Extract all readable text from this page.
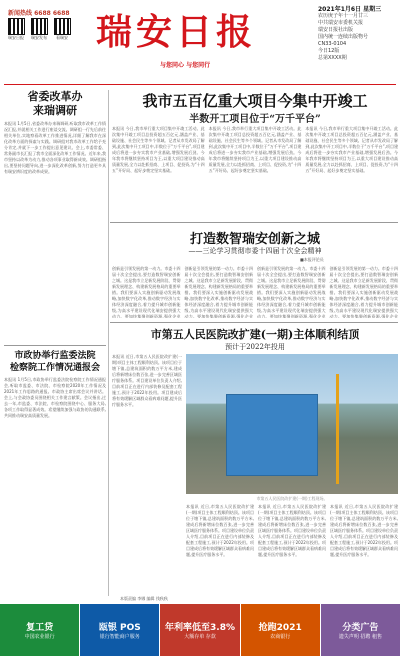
新闻热线 6688 6688
瑞安日报 瑞安发布	看瑞安 瑞安日报
与您同心 与您同行
2021年1月6日 星期三
农历庚子年十一月廿三
中共瑞安市委机关报
瑞安日报社出版
国内统一连续出版物号
CN33-0104
今日12版
总第XXXX期
省委改革办
来瑞调研
本报讯 1月5日,省委改革办来瑞调研,听取我市改革工作情况汇报,并就相关工作进行座谈交流。调研组一行先后前往相关单位,实地察看改革工作推进情况,详细了解我市在深化改革方面的探索与实践。调研组对我市改革工作给予充分肯定,并就下一步工作提出意见建议。会上,市委常委、常务副市长汇报了我市全面深化改革工作情况。近年来,我市坚持以改革为动力,推动各项事业取得新成效。调研组指出,要坚持问题导向,进一步深化改革创新,努力打造更多具有瑞安辨识度的改革成果。
市政协举行监委法院
检察院工作情况通报会
本报讯 1月5日,市政协举行监委法院检察院工作情况通报会,听取市监委、市法院、市检察院2020年工作情况及2021年工作思路的通报。市政协主席出席会议并讲话。会上,与会政协委员围绕相关工作建言献策。会议指出,过去一年,市监委、市法院、市检察院围绕中心、服务大局,各项工作取得显著成效。希望继续加强与政协的沟通联系,共同推动瑞安高质量发展。
我市五百亿重大项目今集中开竣工
半数开工项目位于“万千平台”
本报讯 今日,我市举行重大项目集中开竣工活动。此次集中开竣工项目总投资超五百亿元,涵盖产业、基础设施、社会民生等多个领域。记者从市发改局了解到,此次集中开工项目中,半数位于“万千平台”,项目建成后将进一步夯实我市产业基础,增强发展后劲。今年我市将继续坚持项目为王,以重大项目建设推动高质量发展,全力以赴抓招商、上项目、促投资,为“十四五”开好局、起好步奠定坚实基础。
本报讯 今日,我市举行重大项目集中开竣工活动。此次集中开竣工项目总投资超五百亿元,涵盖产业、基础设施、社会民生等多个领域。记者从市发改局了解到,此次集中开工项目中,半数位于“万千平台”,项目建成后将进一步夯实我市产业基础,增强发展后劲。今年我市将继续坚持项目为王,以重大项目建设推动高质量发展,全力以赴抓招商、上项目、促投资,为“十四五”开好局、起好步奠定坚实基础。
本报讯 今日,我市举行重大项目集中开竣工活动。此次集中开竣工项目总投资超五百亿元,涵盖产业、基础设施、社会民生等多个领域。记者从市发改局了解到,此次集中开工项目中,半数位于“万千平台”,项目建成后将进一步夯实我市产业基础,增强发展后劲。今年我市将继续坚持项目为王,以重大项目建设推动高质量发展,全力以赴抓招商、上项目、促投资,为“十四五”开好局、起好步奠定坚实基础。
打造数智瑞安创新之城
——三论学习贯彻市委十四届十次全会精神
■本报评论员
创新是引领发展的第一动力。市委十四届十次全会提出,要打造数智瑞安创新之城。这是我市立足新发展阶段、贯彻新发展理念、构建新发展格局的重要举措。我们要深入实施创新驱动发展战略,加快数字化改革,推动数字经济与实体经济深度融合,着力提升城市创新能级,为高水平建设现代化瑞安提供强大动力。要加快集聚创新资源,强化企业
创新是引领发展的第一动力。市委十四届十次全会提出,要打造数智瑞安创新之城。这是我市立足新发展阶段、贯彻新发展理念、构建新发展格局的重要举措。我们要深入实施创新驱动发展战略,加快数字化改革,推动数字经济与实体经济深度融合,着力提升城市创新能级,为高水平建设现代化瑞安提供强大动力。要加快集聚创新资源,强化企业
创新是引领发展的第一动力。市委十四届十次全会提出,要打造数智瑞安创新之城。这是我市立足新发展阶段、贯彻新发展理念、构建新发展格局的重要举措。我们要深入实施创新驱动发展战略,加快数字化改革,推动数字经济与实体经济深度融合,着力提升城市创新能级,为高水平建设现代化瑞安提供强大动力。要加快集聚创新资源,强化企业
创新是引领发展的第一动力。市委十四届十次全会提出,要打造数智瑞安创新之城。这是我市立足新发展阶段、贯彻新发展理念、构建新发展格局的重要举措。我们要深入实施创新驱动发展战略,加快数字化改革,推动数字经济与实体经济深度融合,着力提升城市创新能级,为高水平建设现代化瑞安提供强大动力。要加快集聚创新资源,强化企业
市第五人民医院改扩建(一期)主体顺利结顶
预计于2022年投用
本报讯 近日,市第五人民医院改扩建(一期)项目主体工程顺利结顶。该项目位于塘下镇,总建筑面积约数万平方米,建成后将新增床位数百张,进一步完善区域医疗服务体系。项目建设单位负责人介绍,目前项目正在进行内部装修及配套工程施工,预计于2022年投用。项目建成后将有效缓解区域群众看病难问题,提升医疗服务水平。
市第五人民医院改扩建(一期)工程现场。
本报讯 近日,市第五人民医院改扩建(一期)项目主体工程顺利结顶。该项目位于塘下镇,总建筑面积约数万平方米,建成后将新增床位数百张,进一步完善区域医疗服务体系。项目建设单位负责人介绍,目前项目正在进行内部装修及配套工程施工,预计于2022年投用。项目建成后将有效缓解区域群众看病难问题,提升医疗服务水平。
本报讯 近日,市第五人民医院改扩建(一期)项目主体工程顺利结顶。该项目位于塘下镇,总建筑面积约数万平方米,建成后将新增床位数百张,进一步完善区域医疗服务体系。项目建设单位负责人介绍,目前项目正在进行内部装修及配套工程施工,预计于2022年投用。项目建成后将有效缓解区域群众看病难问题,提升医疗服务水平。
本报讯 近日,市第五人民医院改扩建(一期)项目主体工程顺利结顶。该项目位于塘下镇,总建筑面积约数万平方米,建成后将新增床位数百张,进一步完善区域医疗服务体系。项目建设单位负责人介绍,目前项目正在进行内部装修及配套工程施工,预计于2022年投用。项目建成后将有效缓解区域群众看病难问题,提升医疗服务水平。
本版责编 李娜 编辑 钱秋秋
复工贷
中国农业银行
瓯银 POS
银行智能商户服务
年利率低至3.8%
大额存单 存款
抢跑2021
农商银行
分类广告
遗失声明 招聘 租售
